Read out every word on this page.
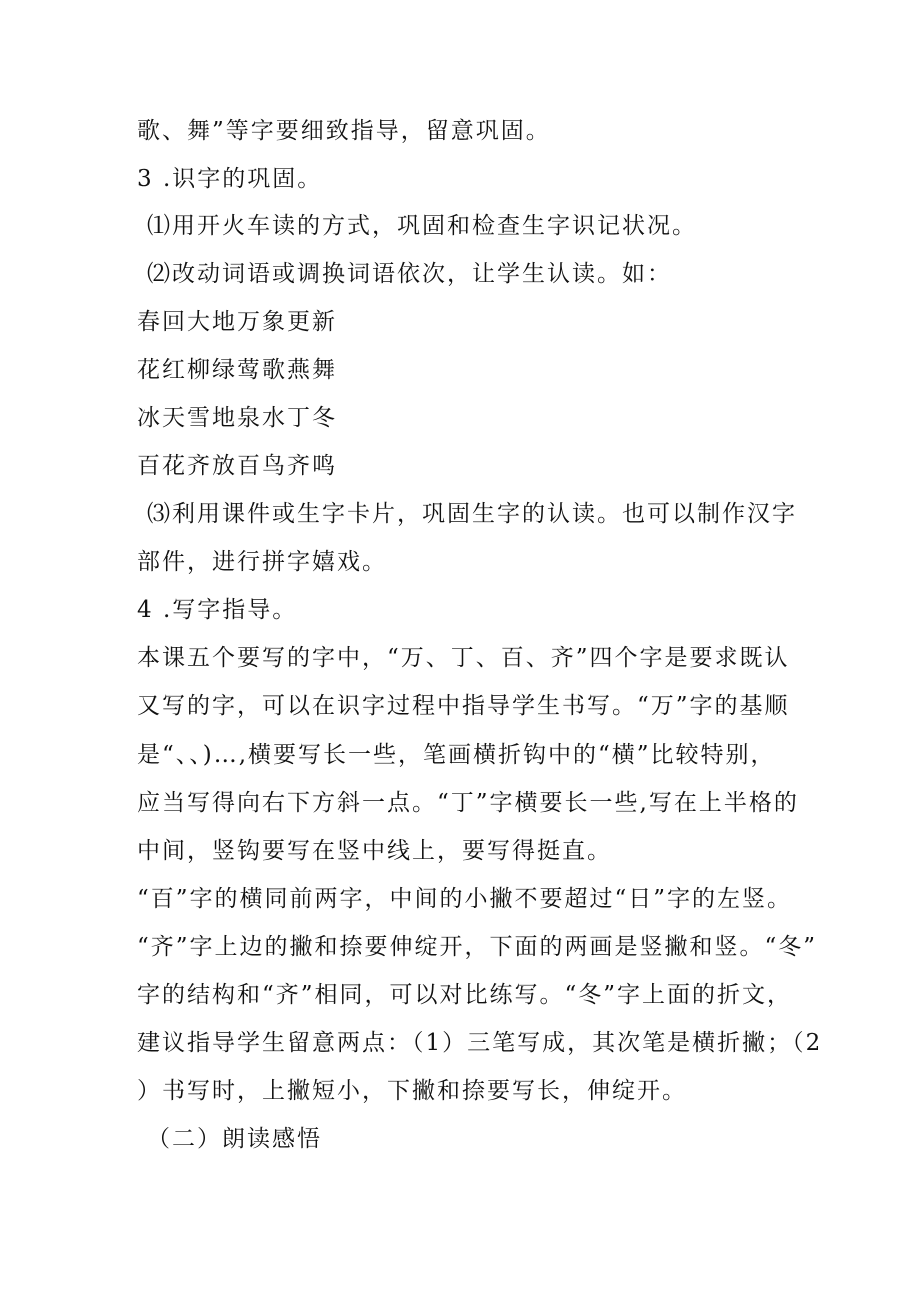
歌、舞”等字要细致指导，留意巩固。
3 .识字的巩固。
⑴用开火车读的方式，巩固和检查生字识记状况。
⑵改动词语或调换词语依次，让学生认读。如：
春回大地万象更新
花红柳绿莺歌燕舞
冰天雪地泉水丁冬
百花齐放百鸟齐鸣
⑶利用课件或生字卡片，巩固生字的认读。也可以制作汉字
部件，进行拼字嬉戏。
4 .写字指导。
本课五个要写的字中，“万、丁、百、齐”四个字是要求既认
又写的字，可以在识字过程中指导学生书写。“万”字的基顺
是“、、)…,横要写长一些，笔画横折钩中的“横”比较特别，
应当写得向右下方斜一点。“丁”字横要长一些,写在上半格的
中间，竖钩要写在竖中线上，要写得挺直。
“百”字的横同前两字，中间的小撇不要超过“日”字的左竖。
“齐”字上边的撇和捺要伸绽开，下面的两画是竖撇和竖。“冬”
字的结构和“齐”相同，可以对比练写。“冬”字上面的折文，
建议指导学生留意两点：（1）三笔写成，其次笔是横折撇；（2
）书写时，上撇短小，下撇和捺要写长，伸绽开。
（二）朗读感悟
